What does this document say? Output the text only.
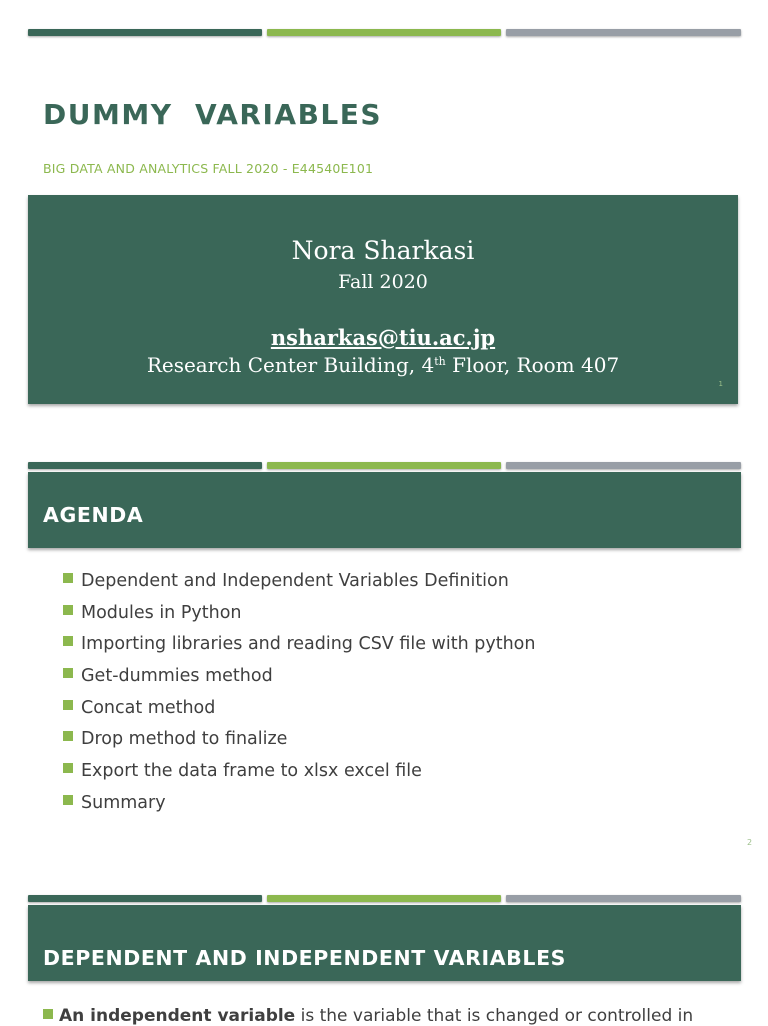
DUMMY  VARIABLES
BIG DATA AND ANALYTICS FALL 2020 - E44540E101
Nora Sharkasi
Fall 2020
nsharkas@tiu.ac.jp
Research Center Building, 4th Floor, Room 407
1
AGENDA
Dependent and Independent Variables Definition
Modules in Python
Importing libraries and reading CSV file with python
Get-dummies method
Concat method
Drop method to finalize
Export the data frame to xlsx excel file
Summary
2
DEPENDENT AND INDEPENDENT VARIABLES
An independent variable is the variable that is changed or controlled in
